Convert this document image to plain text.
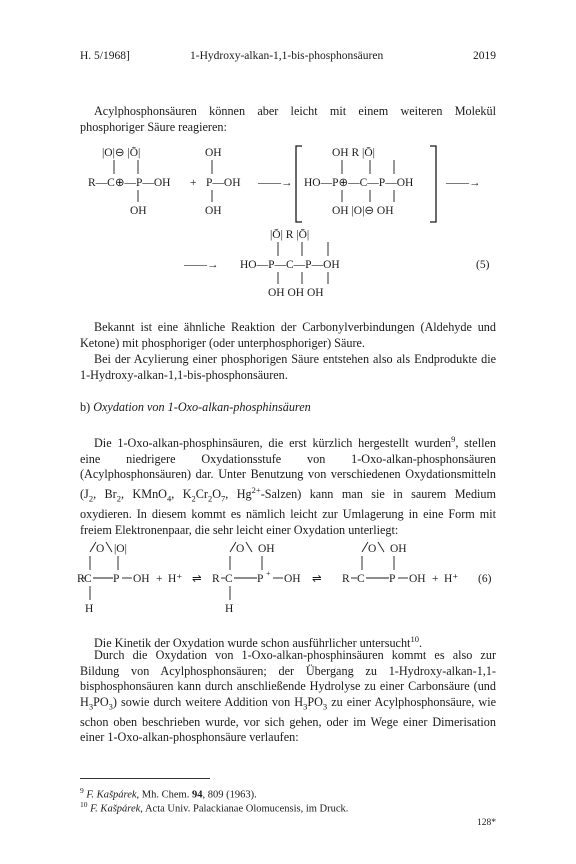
H. 5/1968]	1-Hydroxy-alkan-1,1-bis-phosphonsäuren	2019

Acylphosphonsäuren können aber leicht mit einem weiteren Molekül phosphoriger Säure reagieren:

|O|⊖ |Ō|
R—C⊕—P—OH
OH
+
OH
P—OH
OH
——→
OH R |Ō|
HO—P⊕—C—P—OH
OH |O|⊖ OH
——→
|Ō| R |Ō|
——→ HO—P—C—P—OH
OH OH OH
(5)

Bekannt ist eine ähnliche Reaktion der Carbonylverbindungen (Aldehyde und Ketone) mit phosphoriger (oder unterphosphoriger) Säure.

Bei der Acylierung einer phosphorigen Säure entstehen also als Endprodukte die 1-Hydroxy-alkan-1,1-bis-phosphonsäuren.

b) Oxydation von 1-Oxo-alkan-phosphinsäuren
Die 1-Oxo-alkan-phosphinsäuren, die erst kürzlich hergestellt wurden$^9$, stellen eine niedrigere Oxydationsstufe von 1-Oxo-alkan-phosphonsäuren (Acylphosphonsäuren) dar. Unter Benutzung von verschiedenen Oxydationsmitteln ($J_2$, $Br_2$, KMnO$_4$, $K_2Cr_2O_7$, $Hg^{2+}-Salzen$) kann man sie in saurem Medium oxydieren. In diesem kommt es nämlich leicht zur Umlagerung in eine Form mit freiem Elektronenpaar, die sehr leicht einer Oxydation unterliegt:
O |O|
R C P OH + H⁺
H
⇌
O OH
R C P + OH
H
⇌
O OH
R C P OH + H⁺ (6)
Die Kinetik der Oxydation wurde schon ausführlicher untersucht$^{10}$.
Durch die Oxydation von 1-Oxo-alkan-phosphinsäuren kommt es also zur Bildung von Acylphosphonsäuren; der Übergang zu 1-Hydroxy-alkan-1,1-bisphosphonsäuren kann durch anschließende Hydrolyse zu einer Carbonsäure (und $H_3PO_3$) sowie durch weitere Addition von $H_3PO_3$ zu einer Acylphosphonsäure, wie schon oben beschrieben wurde, vor sich gehen, oder im Wege einer Dimerisation einer 1-Oxo-alkan-phosphonsäure verlaufen:
$^9$ F. Kašpárek, Mh. Chem. 94, 809 (1963).
$^{10}$ F. Kašpárek, Acta Univ. Palackianae Olomucensis, im Druck.
128*
